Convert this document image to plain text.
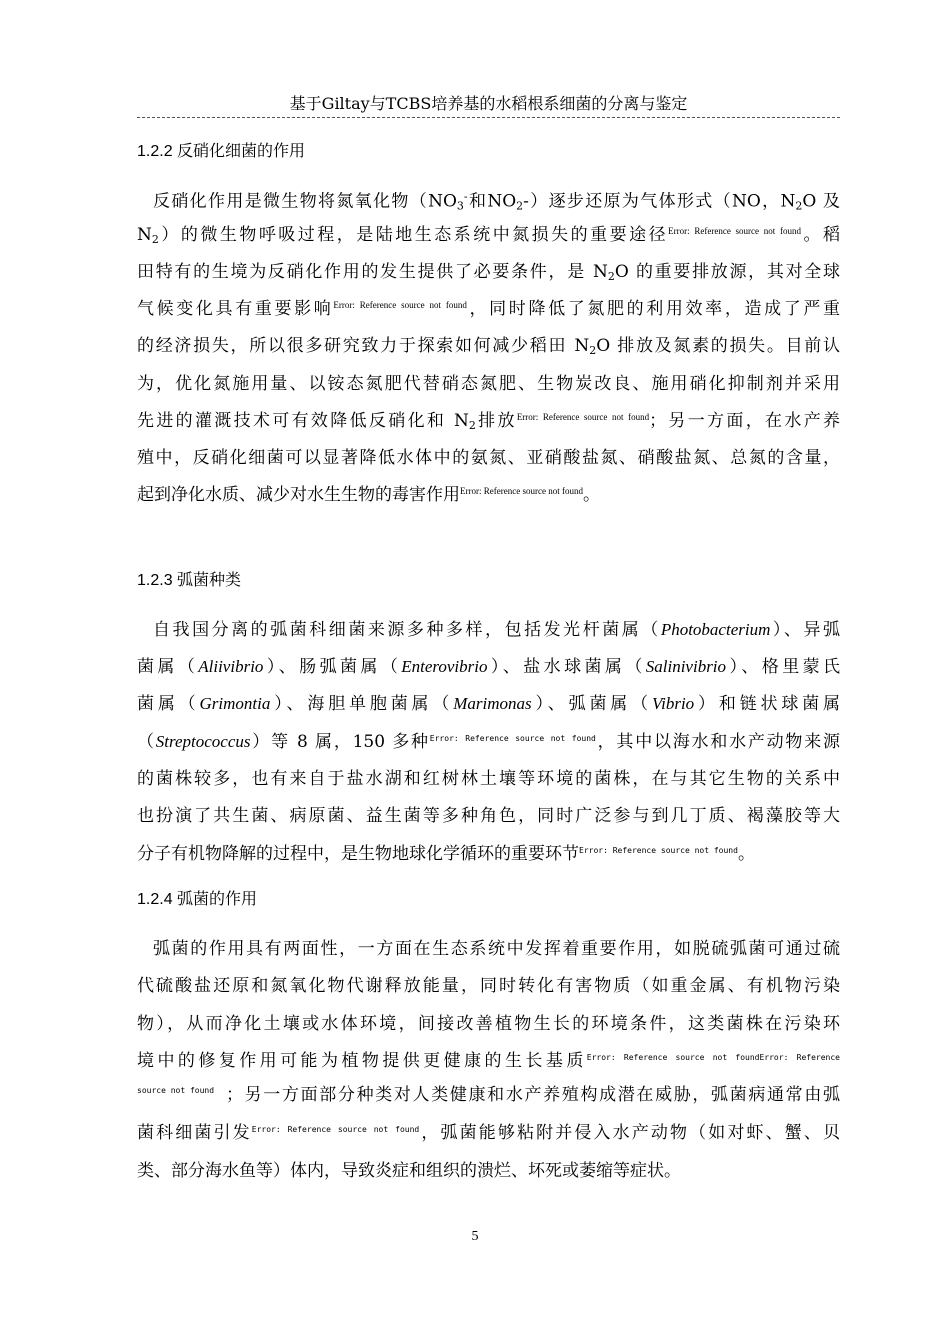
基于Giltay与TCBS培养基的水稻根系细菌的分离与鉴定
1.2.2 反硝化细菌的作用
反硝化作用是微生物将氮氧化物（$NO_3^-$和$NO_2-$）逐步还原为气体形式（NO，$N_2O$ 及
$N_2$）的微生物呼吸过程，是陆地生态系统中氮损失的重要途径$^{Error: Reference source not found}$。稻
田特有的生境为反硝化作用的发生提供了必要条件，是 $N_2O$ 的重要排放源，其对全球
气候变化具有重要影响$^{Error: Reference source not found}$，同时降低了氮肥的利用效率，造成了严重
的经济损失，所以很多研究致力于探索如何减少稻田 $N_2O$ 排放及氮素的损失。目前认
为，优化氮施用量、以铵态氮肥代替硝态氮肥、生物炭改良、施用硝化抑制剂并采用
先进的灌溉技术可有效降低反硝化和 $N_2$排放$^{Error: Reference source not found}$；另一方面，在水产养
殖中，反硝化细菌可以显著降低水体中的氨氮、亚硝酸盐氮、硝酸盐氮、总氮的含量，
起到净化水质、减少对水生生物的毒害作用$^{Error: Reference source not found}$。
1.2.3 弧菌种类
自我国分离的弧菌科细菌来源多种多样，包括发光杆菌属（Photobacterium）、异弧
菌属（Aliivibrio）、肠弧菌属（Enterovibrio）、盐水球菌属（Salinivibrio）、格里蒙氏
菌属（Grimontia）、海胆单胞菌属（Marimonas）、弧菌属（Vibrio）和链状球菌属
（Streptococcus）等 8 属，150 多种$^{Error: Reference source not found}$，其中以海水和水产动物来源
的菌株较多，也有来自于盐水湖和红树林土壤等环境的菌株，在与其它生物的关系中
也扮演了共生菌、病原菌、益生菌等多种角色，同时广泛参与到几丁质、褐藻胶等大
分子有机物降解的过程中，是生物地球化学循环的重要环节$^{Error: Reference source not found}$。
1.2.4 弧菌的作用
弧菌的作用具有两面性，一方面在生态系统中发挥着重要作用，如脱硫弧菌可通过硫
代硫酸盐还原和氮氧化物代谢释放能量，同时转化有害物质（如重金属、有机物污染
物），从而净化土壤或水体环境，间接改善植物生长的环境条件，这类菌株在污染环
境中的修复作用可能为植物提供更健康的生长基质$^{Error: Reference source not foundError: Reference}$
source not found ；另一方面部分种类对人类健康和水产养殖构成潜在威胁，弧菌病通常由弧
菌科细菌引发$^{Error: Reference source not found}$，弧菌能够粘附并侵入水产动物（如对虾、蟹、贝
类、部分海水鱼等）体内，导致炎症和组织的溃烂、坏死或萎缩等症状。
5
